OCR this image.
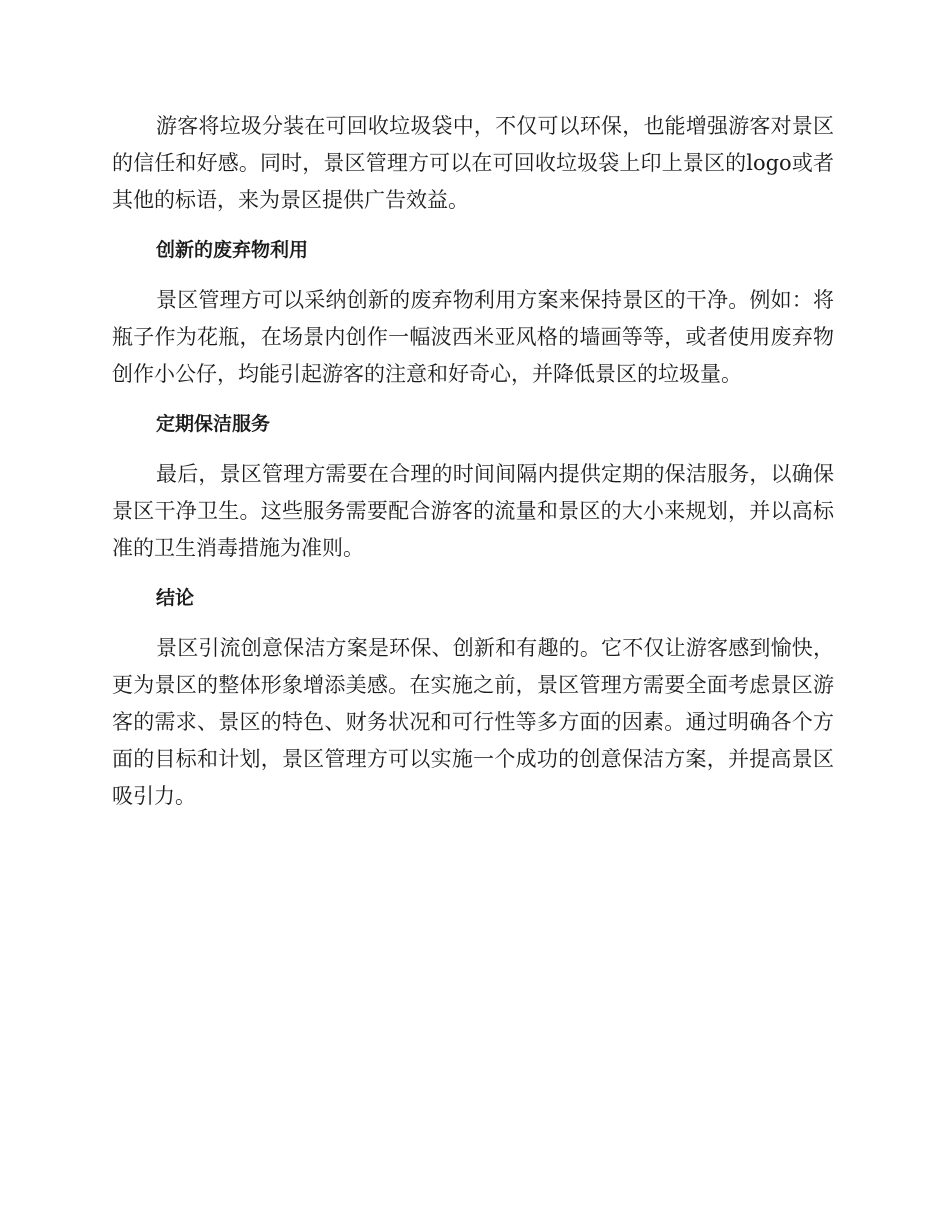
游客将垃圾分装在可回收垃圾袋中，不仅可以环保，也能增强游客对景区的信任和好感。同时，景区管理方可以在可回收垃圾袋上印上景区的logo或者其他的标语，来为景区提供广告效益。

创新的废弃物利用

景区管理方可以采纳创新的废弃物利用方案来保持景区的干净。例如：将瓶子作为花瓶，在场景内创作一幅波西米亚风格的墙画等等，或者使用废弃物创作小公仔，均能引起游客的注意和好奇心，并降低景区的垃圾量。

定期保洁服务

最后，景区管理方需要在合理的时间间隔内提供定期的保洁服务，以确保景区干净卫生。这些服务需要配合游客的流量和景区的大小来规划，并以高标准的卫生消毒措施为准则。

结论

景区引流创意保洁方案是环保、创新和有趣的。它不仅让游客感到愉快，更为景区的整体形象增添美感。在实施之前，景区管理方需要全面考虑景区游客的需求、景区的特色、财务状况和可行性等多方面的因素。通过明确各个方面的目标和计划，景区管理方可以实施一个成功的创意保洁方案，并提高景区吸引力。
